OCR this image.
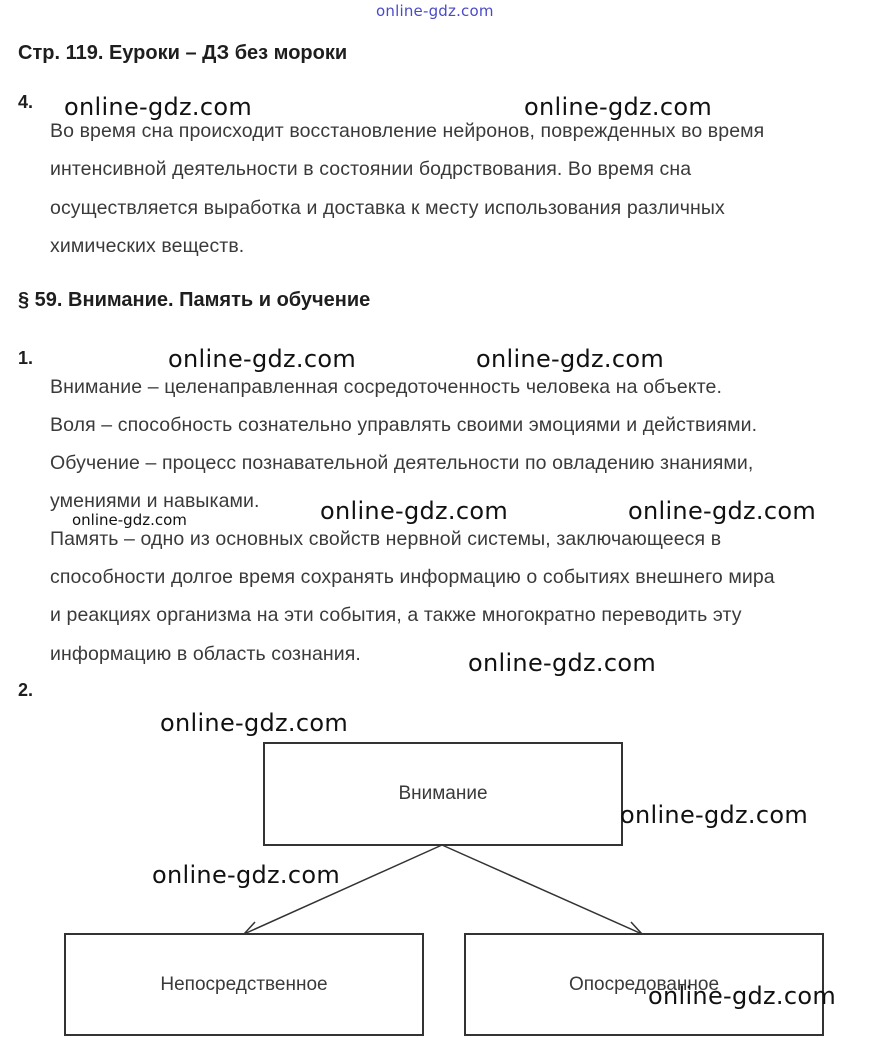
online-gdz.com
Стр. 119. Еуроки – ДЗ без мороки
4.
Во время сна происходит восстановление нейронов, поврежденных во время
интенсивной деятельности в состоянии бодрствования. Во время сна
осуществляется выработка и доставка к месту использования различных
химических веществ.
§ 59. Внимание. Память и обучение
1.
Внимание – целенаправленная сосредоточенность человека на объекте.
Воля – способность сознательно управлять своими эмоциями и действиями.
Обучение – процесс познавательной деятельности по овладению знаниями,
умениями и навыками.
Память – одно из основных свойств нервной системы, заключающееся в
способности долгое время сохранять информацию о событиях внешнего мира
и реакциях организма на эти события, а также многократно переводить эту
информацию в область сознания.
2.
Внимание
Непосредственное	Опосредованное
online-gdz.com	online-gdz.com
online-gdz.com	online-gdz.com
online-gdz.com	online-gdz.com	online-gdz.com
online-gdz.com
online-gdz.com
online-gdz.com
online-gdz.com
online-gdz.com
